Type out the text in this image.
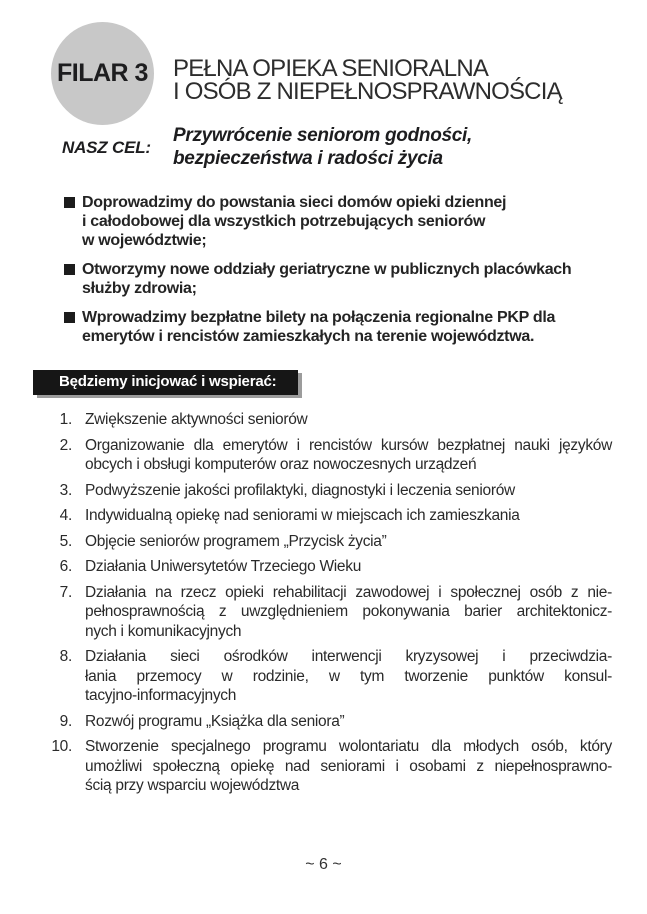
FILAR 3 PEŁNA OPIEKA SENIORALNA
I OSÓB Z NIEPEŁNOSPRAWNOŚCIĄ
NASZ CEL:
Przywrócenie seniorom godności,
bezpieczeństwa i radości życia
Doprowadzimy do powstania sieci domów opieki dziennej
i całodobowej dla wszystkich potrzebujących seniorów
w województwie;
Otworzymy nowe oddziały geriatryczne w publicznych placówkach
służby zdrowia;
Wprowadzimy bezpłatne bilety na połączenia regionalne PKP dla
emerytów i rencistów zamieszkałych na terenie województwa.
Będziemy inicjować i wspierać:
1. Zwiększenie aktywności seniorów
2. Organizowanie dla emerytów i rencistów kursów bezpłatnej nauki języków
obcych i obsługi komputerów oraz nowoczesnych urządzeń
3. Podwyższenie jakości profilaktyki, diagnostyki i leczenia seniorów
4. Indywidualną opiekę nad seniorami w miejscach ich zamieszkania
5. Objęcie seniorów programem „Przycisk życia”
6. Działania Uniwersytetów Trzeciego Wieku
7. Działania na rzecz opieki rehabilitacji zawodowej i społecznej osób z nie-
pełnosprawnością z uwzględnieniem pokonywania barier architektonicz-
nych i komunikacyjnych
8. Działania sieci ośrodków interwencji kryzysowej i przeciwdzia-
łania przemocy w rodzinie, w tym tworzenie punktów konsul-
tacyjno-informacyjnych
9. Rozwój programu „Książka dla seniora”
10. Stworzenie specjalnego programu wolontariatu dla młodych osób, który
umożliwi społeczną opiekę nad seniorami i osobami z niepełnosprawno-
ścią przy wsparciu województwa
~ 6 ~
